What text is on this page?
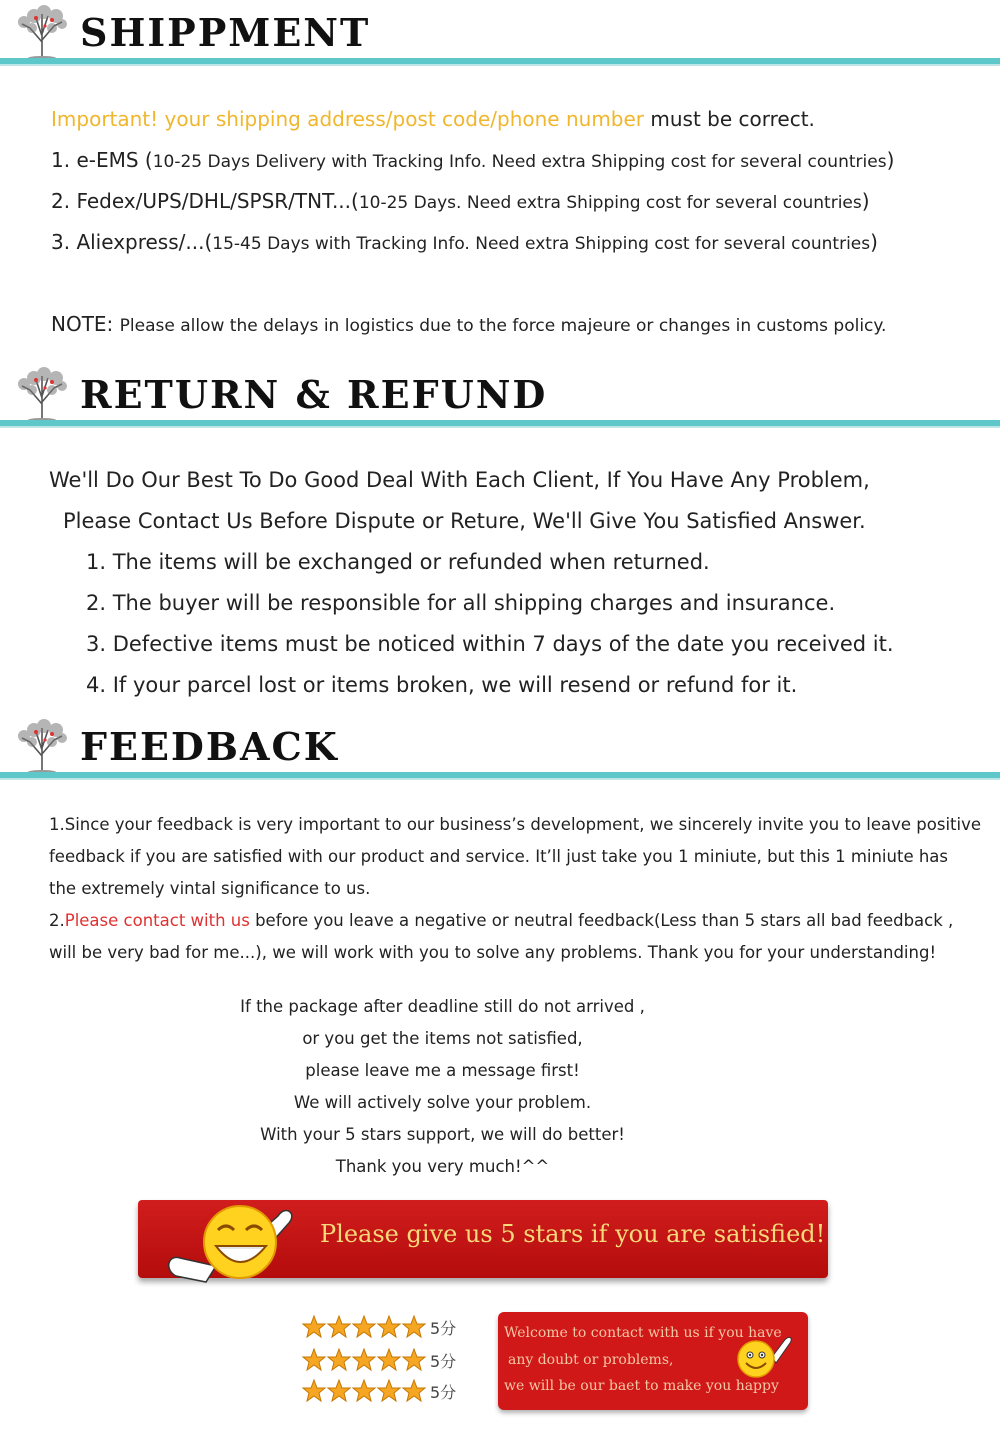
SHIPPMENT
Important! your shipping address/post code/phone number must be correct.
1. e-EMS (10-25 Days Delivery with Tracking Info. Need extra Shipping cost for several countries)
2. Fedex/UPS/DHL/SPSR/TNT...(10-25 Days. Need extra Shipping cost for several countries)
3. Aliexpress/...(15-45 Days with Tracking Info. Need extra Shipping cost for several countries)
NOTE: Please allow the delays in logistics due to the force majeure or changes in customs policy.
RETURN & REFUND
We'll Do Our Best To Do Good Deal With Each Client, If You Have Any Problem,
Please Contact Us Before Dispute or Reture, We'll Give You Satisfied Answer.
1. The items will be exchanged or refunded when returned.
2. The buyer will be responsible for all shipping charges and insurance.
3. Defective items must be noticed within 7 days of the date you received it.
4. If your parcel lost or items broken, we will resend or refund for it.
FEEDBACK
1.Since your feedback is very important to our business’s development, we sincerely invite you to leave positive
feedback if you are satisfied with our product and service. It’ll just take you 1 miniute, but this 1 miniute has
the extremely vintal significance to us.
2.Please contact with us before you leave a negative or neutral feedback(Less than 5 stars all bad feedback ,
will be very bad for me...), we will work with you to solve any problems. Thank you for your understanding!
If the package after deadline still do not arrived ,
or you get the items not satisfied,
please leave me a message first!
We will actively solve your problem.
With your 5 stars support, we will do better!
Thank you very much!^^
Please give us 5 stars if you are satisfied!
5分
5分
5分
Welcome to contact with us if you have
any doubt or problems,
we will be our baet to make you happy
